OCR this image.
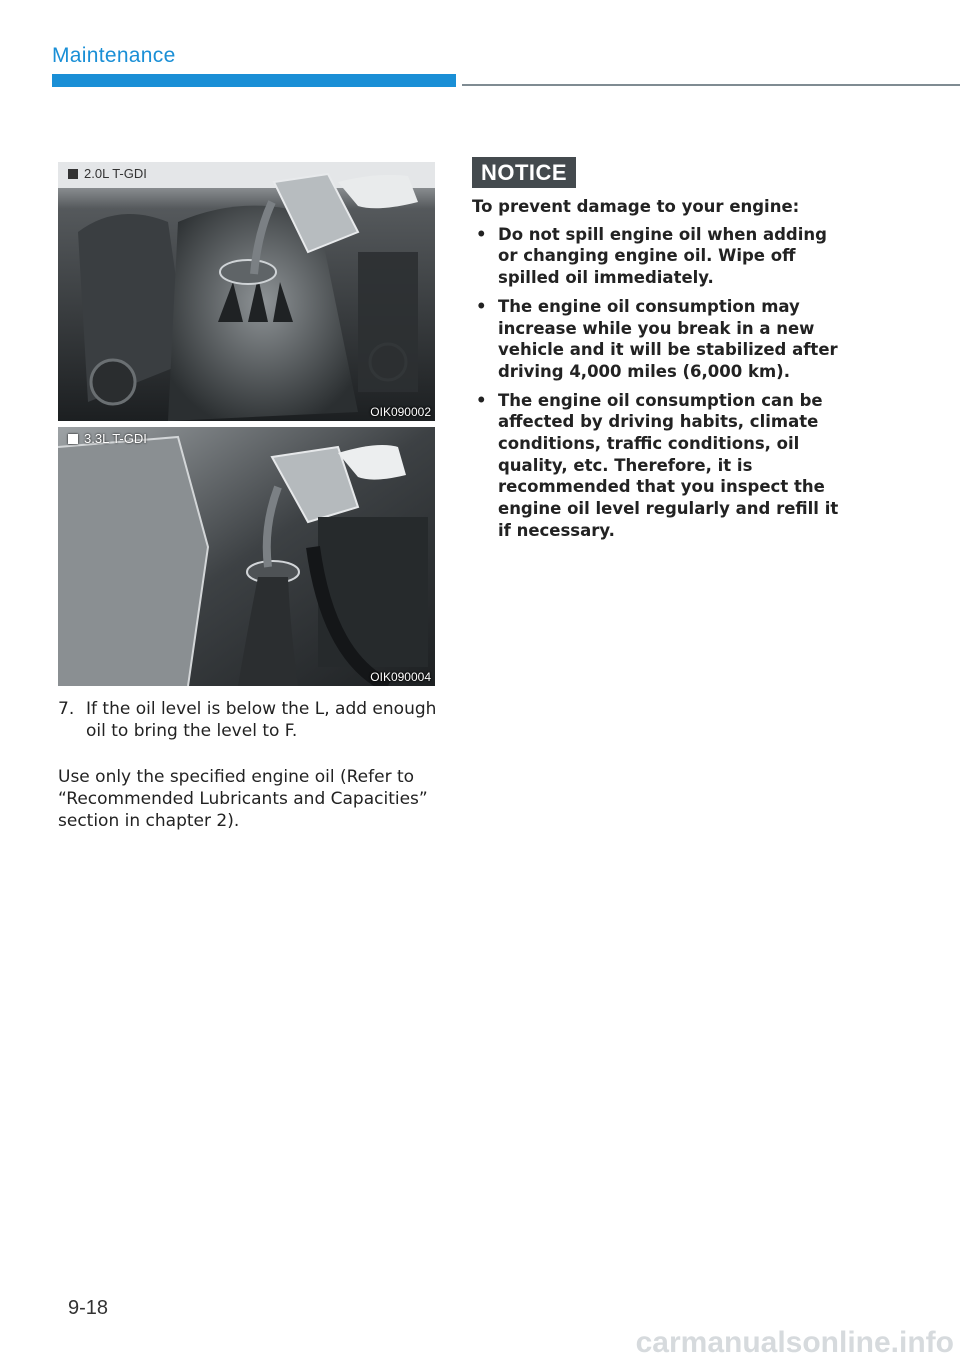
Maintenance
2.0L T-GDI
OIK090002
3.3L T-GDI
OIK090004
7. If the oil level is below the L, add enough oil to bring the level to F.
Use only the specified engine oil (Refer to “Recommended Lubricants and Capacities” section in chapter 2).
NOTICE

To prevent damage to your engine:

• Do not spill engine oil when adding or changing engine oil. Wipe off spilled oil immediately.
• The engine oil consumption may increase while you break in a new vehicle and it will be stabilized after driving 4,000 miles (6,000 km).
• The engine oil consumption can be affected by driving habits, climate conditions, traffic conditions, oil quality, etc. Therefore, it is recommended that you inspect the engine oil level regularly and refill it if necessary.
9-18
carmanualsonline.info
